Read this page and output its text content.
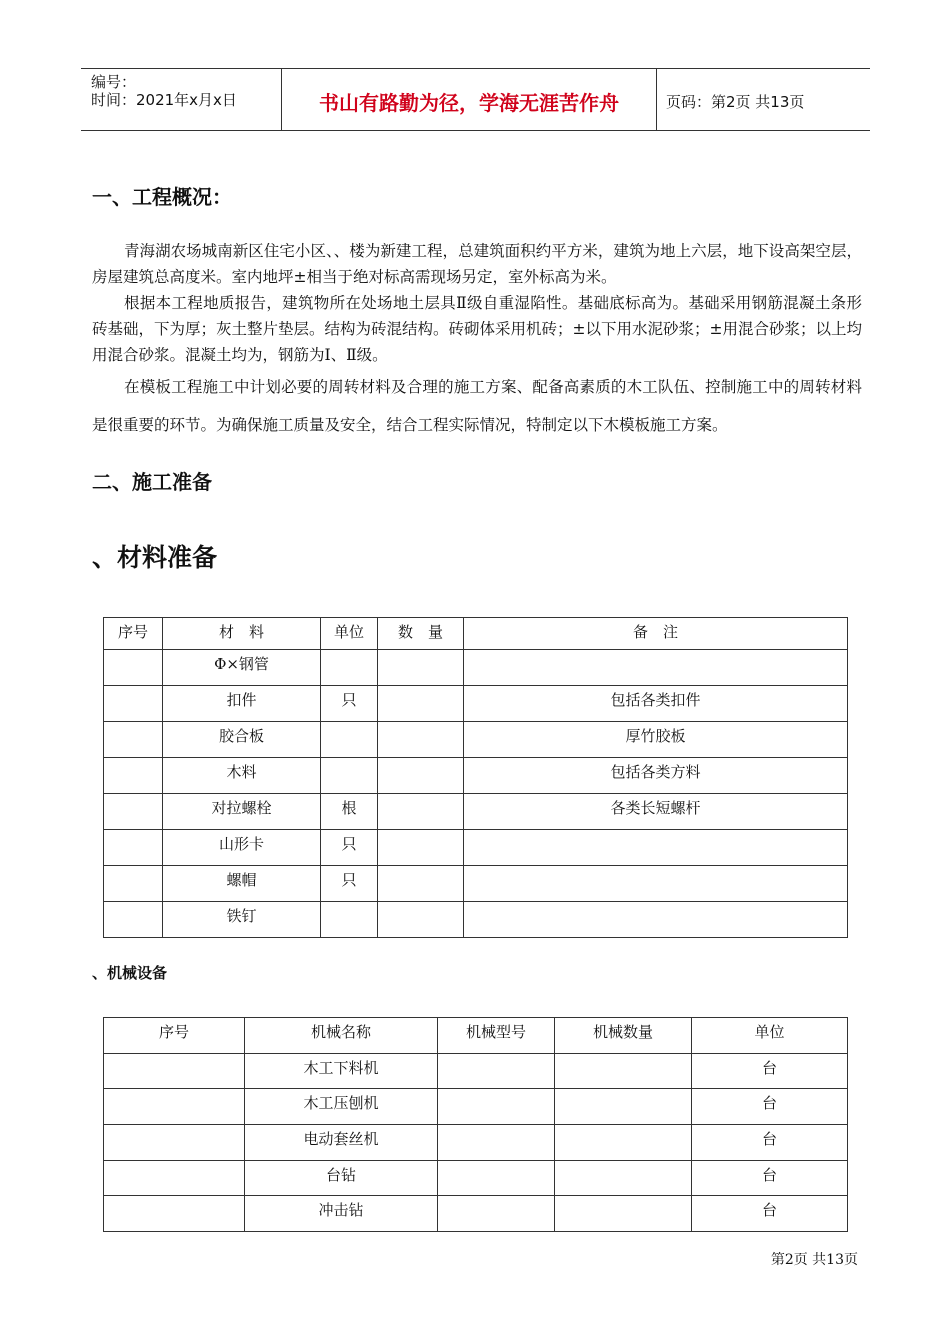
编号：
时间：2021年x月x日	书山有路勤为径，学海无涯苦作舟	页码：第2页 共13页
一、工程概况：
青海湖农场城南新区住宅小区、、楼为新建工程，总建筑面积约平方米，建筑为地上六层，地下设高架空层，房屋建筑总高度米。室内地坪±相当于绝对标高需现场另定，室外标高为米。
根据本工程地质报告，建筑物所在处场地土层具Ⅱ级自重湿陷性。基础底标高为。基础采用钢筋混凝土条形砖基础，下为厚；灰土整片垫层。结构为砖混结构。砖砌体采用机砖；±以下用水泥砂浆；±用混合砂浆；以上均用混合砂浆。混凝土均为，钢筋为Ⅰ、Ⅱ级。
在模板工程施工中计划必要的周转材料及合理的施工方案、配备高素质的木工队伍、控制施工中的周转材料是很重要的环节。为确保施工质量及安全，结合工程实际情况，特制定以下木模板施工方案。
二、施工准备
、材料准备
序号	材　料	单位	数　量	备　注
	Φ×钢管			
	扣件	只		包括各类扣件
	胶合板			厚竹胶板
	木料			包括各类方料
	对拉螺栓	根		各类长短螺杆
	山形卡	只		
	螺帽	只		
	铁钉			
、机械设备
序号	机械名称	机械型号	机械数量	单位
	木工下料机			台
	木工压刨机			台
	电动套丝机			台
	台钻			台
	冲击钻			台
第2页 共13页
